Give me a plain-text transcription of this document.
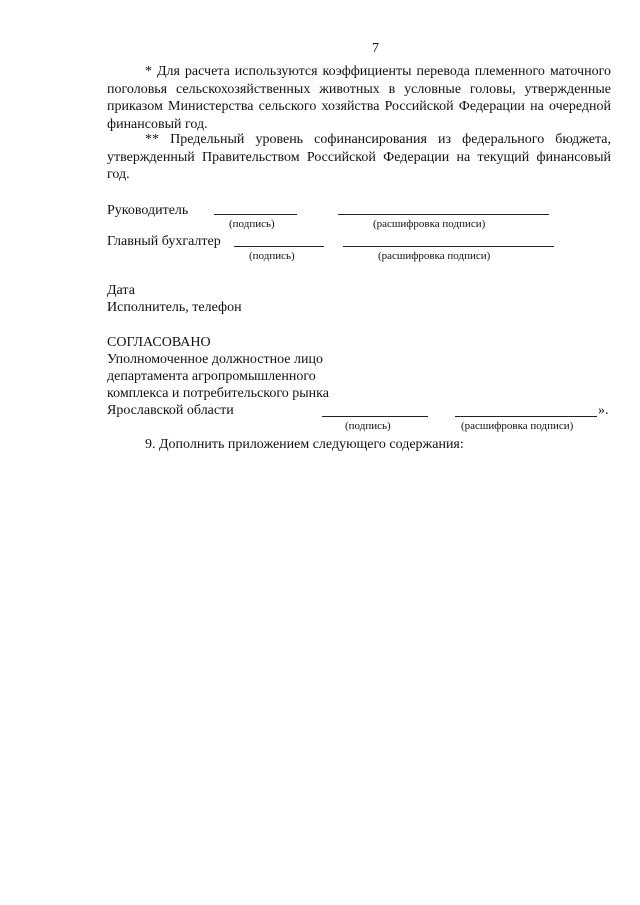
7
* Для расчета используются коэффициенты перевода племенного маточного поголовья сельскохозяйственных животных в условные головы, утвержденные приказом Министерства сельского хозяйства Российской Федерации на очередной финансовый год.
** Предельный уровень софинансирования из федерального бюджета, утвержденный Правительством Российской Федерации на текущий финансовый год.
Руководитель
(подпись)	(расшифровка подписи)
Главный бухгалтер
(подпись)	(расшифровка подписи)
Дата
Исполнитель, телефон
СОГЛАСОВАНО
Уполномоченное должностное лицо
департамента агропромышленного
комплекса и потребительского рынка
Ярославской области	».
(подпись)	(расшифровка подписи)
9. Дополнить приложением следующего содержания:
